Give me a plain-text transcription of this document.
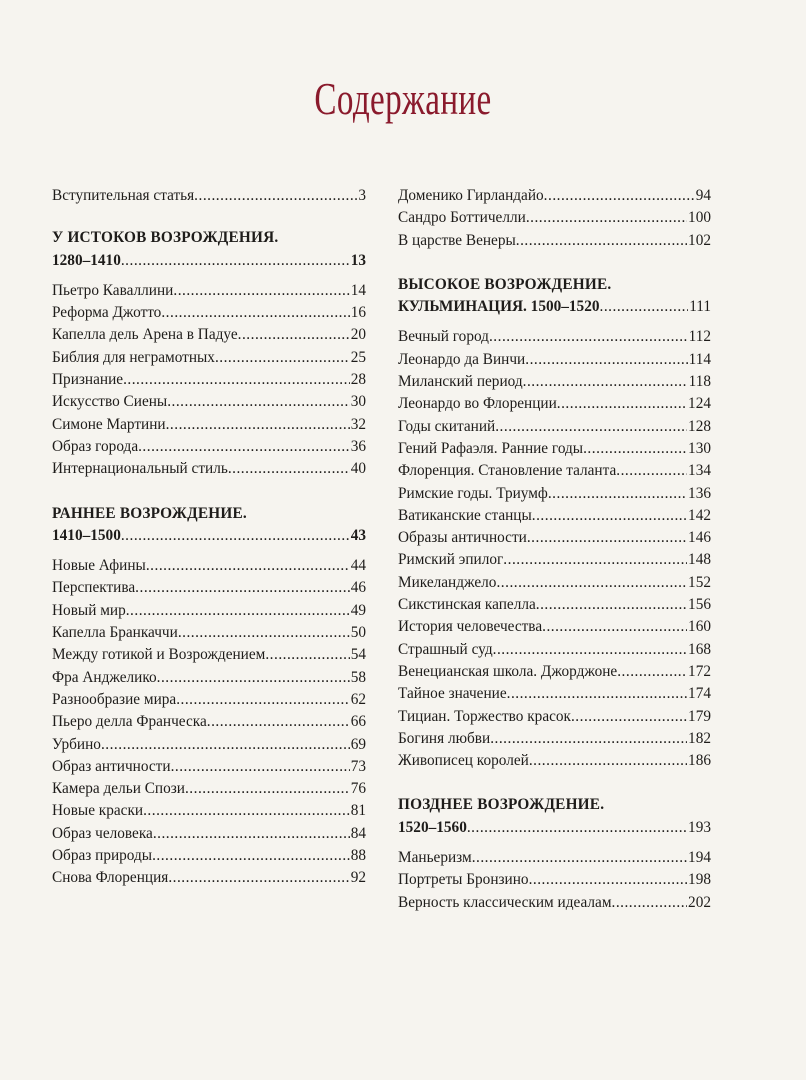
Содержание
Вступительная статья .....	3
У ИСТОКОВ ВОЗРОЖДЕНИЯ.
1280–1410 .....	13
Пьетро Каваллини .....	14
Реформа Джотто .....	16
Капелла дель Арена в Падуе .....	20
Библия для неграмотных .....	25
Признание .....	28
Искусство Сиены .....	30
Симоне Мартини .....	32
Образ города .....	36
Интернациональный стиль .....	40
РАННЕЕ ВОЗРОЖДЕНИЕ.
1410–1500 .....	43
Новые Афины .....	44
Перспектива .....	46
Новый мир .....	49
Капелла Бранкаччи .....	50
Между готикой и Возрождением .....	54
Фра Анджелико .....	58
Разнообразие мира .....	62
Пьеро делла Франческа .....	66
Урбино .....	69
Образ античности .....	73
Камера дельи Спози .....	76
Новые краски .....	81
Образ человека .....	84
Образ природы .....	88
Снова Флоренция .....	92
Доменико Гирландайо .....	94
Сандро Боттичелли .....	100
В царстве Венеры .....	102
ВЫСОКОЕ ВОЗРОЖДЕНИЕ.
КУЛЬМИНАЦИЯ. 1500–1520 .....	111
Вечный город .....	112
Леонардо да Винчи .....	114
Миланский период .....	118
Леонардо во Флоренции .....	124
Годы скитаний .....	128
Гений Рафаэля. Ранние годы .....	130
Флоренция. Становление таланта .....	134
Римские годы. Триумф .....	136
Ватиканские станцы .....	142
Образы античности .....	146
Римский эпилог .....	148
Микеланджело .....	152
Сикстинская капелла .....	156
История человечества .....	160
Страшный суд .....	168
Венецианская школа. Джорджоне .....	172
Тайное значение .....	174
Тициан. Торжество красок .....	179
Богиня любви .....	182
Живописец королей .....	186
ПОЗДНЕЕ ВОЗРОЖДЕНИЕ.
1520–1560 .....	193
Маньеризм .....	194
Портреты Бронзино .....	198
Верность классическим идеалам .....	202
